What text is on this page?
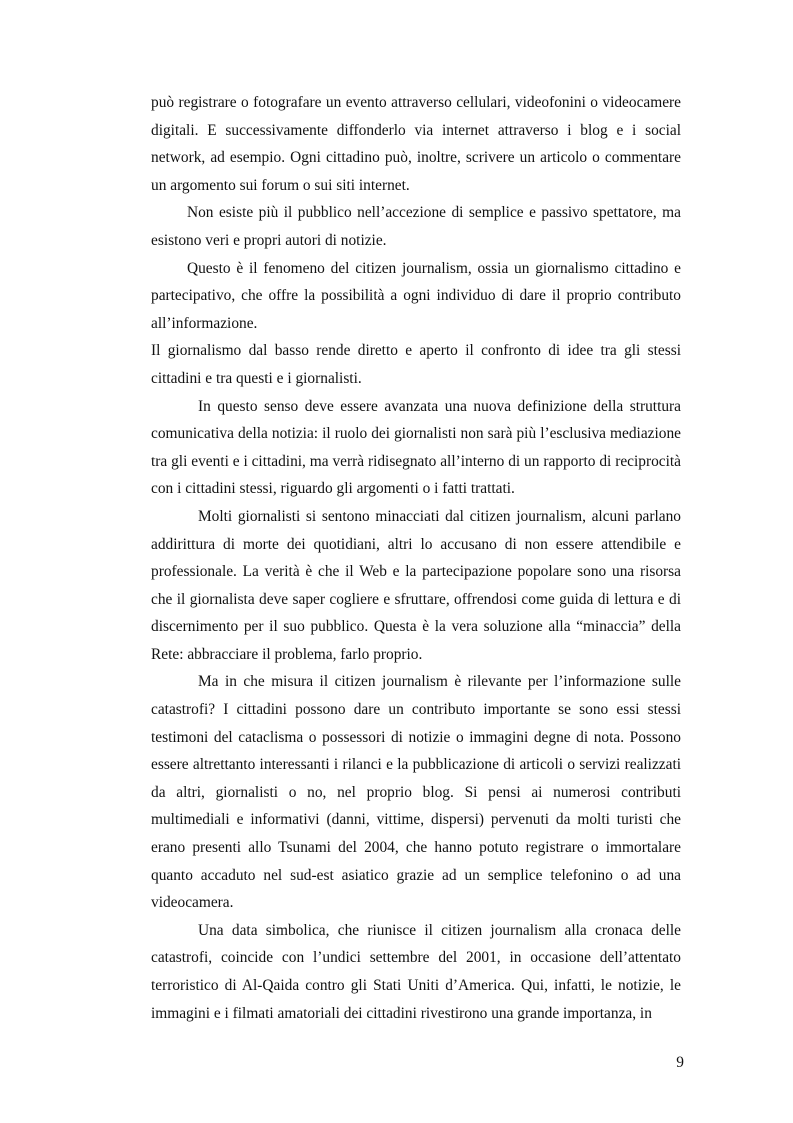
può registrare o fotografare un evento attraverso cellulari, videofonini o videocamere digitali. E successivamente diffonderlo via internet attraverso i blog e i social network, ad esempio. Ogni cittadino può, inoltre, scrivere un articolo o commentare un argomento sui forum o sui siti internet.

Non esiste più il pubblico nell’accezione di semplice e passivo spettatore, ma esistono veri e propri autori di notizie.

Questo è il fenomeno del citizen journalism, ossia un giornalismo cittadino e partecipativo, che offre la possibilità a ogni individuo di dare il proprio contributo all’informazione.

Il giornalismo dal basso rende diretto e aperto il confronto di idee tra gli stessi cittadini e tra questi e i giornalisti.

In questo senso deve essere avanzata una nuova definizione della struttura comunicativa della notizia: il ruolo dei giornalisti non sarà più l’esclusiva mediazione tra gli eventi e i cittadini, ma verrà ridisegnato all’interno di un rapporto di reciprocità con i cittadini stessi, riguardo gli argomenti o i fatti trattati.

Molti giornalisti si sentono minacciati dal citizen journalism, alcuni parlano addirittura di morte dei quotidiani, altri lo accusano di non essere attendibile e professionale. La verità è che il Web e la partecipazione popolare sono una risorsa che il giornalista deve saper cogliere e sfruttare, offrendosi come guida di lettura e di discernimento per il suo pubblico. Questa è la vera soluzione alla “minaccia” della Rete: abbracciare il problema, farlo proprio.

Ma in che misura il citizen journalism è rilevante per l’informazione sulle catastrofi? I cittadini possono dare un contributo importante se sono essi stessi testimoni del cataclisma o possessori di notizie o immagini degne di nota. Possono essere altrettanto interessanti i rilanci e la pubblicazione di articoli o servizi realizzati da altri, giornalisti o no, nel proprio blog. Si pensi ai numerosi contributi multimediali e informativi (danni, vittime, dispersi) pervenuti da molti turisti che erano presenti allo Tsunami del 2004, che hanno potuto registrare o immortalare quanto accaduto nel sud-est asiatico grazie ad un semplice telefonino o ad una videocamera.

Una data simbolica, che riunisce il citizen journalism alla cronaca delle catastrofi, coincide con l’undici settembre del 2001, in occasione dell’attentato terroristico di Al-Qaida contro gli Stati Uniti d’America. Qui, infatti, le notizie, le immagini e i filmati amatoriali dei cittadini rivestirono una grande importanza, in

9
